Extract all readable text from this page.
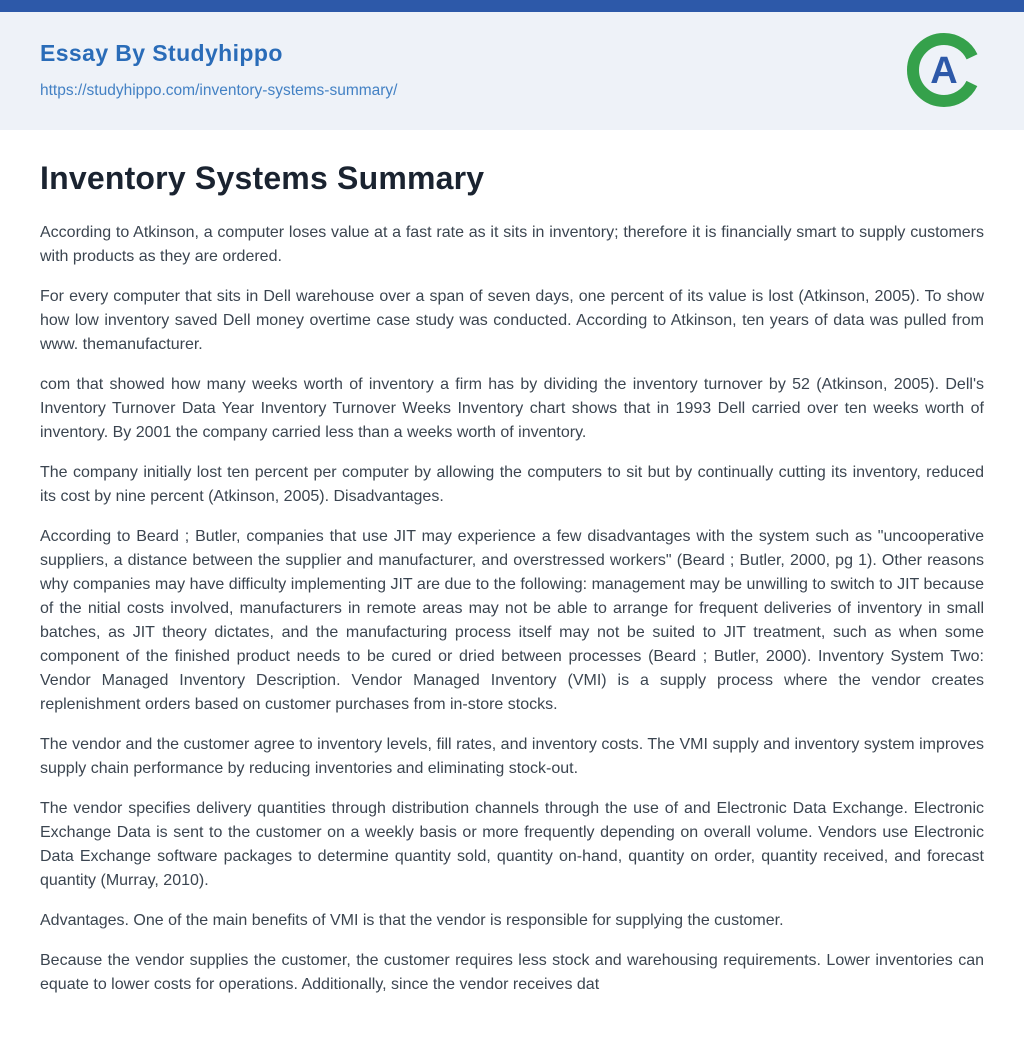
Essay By Studyhippo
https://studyhippo.com/inventory-systems-summary/	A
Inventory Systems Summary

According to Atkinson, a computer loses value at a fast rate as it sits in inventory; therefore it is financially smart to supply customers with products as they are ordered.

For every computer that sits in Dell warehouse over a span of seven days, one percent of its value is lost (Atkinson, 2005). To show how low inventory saved Dell money overtime case study was conducted. According to Atkinson, ten years of data was pulled from www. themanufacturer.

com that showed how many weeks worth of inventory a firm has by dividing the inventory turnover by 52 (Atkinson, 2005). Dell's Inventory Turnover Data Year Inventory Turnover Weeks Inventory chart shows that in 1993 Dell carried over ten weeks worth of inventory. By 2001 the company carried less than a weeks worth of inventory.

The company initially lost ten percent per computer by allowing the computers to sit but by continually cutting its inventory, reduced its cost by nine percent (Atkinson, 2005). Disadvantages.

According to Beard ; Butler, companies that use JIT may experience a few disadvantages with the system such as "uncooperative suppliers, a distance between the supplier and manufacturer, and overstressed workers" (Beard ; Butler, 2000, pg 1). Other reasons why companies may have difficulty implementing JIT are due to the following: management may be unwilling to switch to JIT because of the nitial costs involved, manufacturers in remote areas may not be able to arrange for frequent deliveries of inventory in small batches, as JIT theory dictates, and the manufacturing process itself may not be suited to JIT treatment, such as when some component of the finished product needs to be cured or dried between processes (Beard ; Butler, 2000). Inventory System Two: Vendor Managed Inventory Description. Vendor Managed Inventory (VMI) is a supply process where the vendor creates replenishment orders based on customer purchases from in-store stocks.

The vendor and the customer agree to inventory levels, fill rates, and inventory costs. The VMI supply and inventory system improves supply chain performance by reducing inventories and eliminating stock-out.

The vendor specifies delivery quantities through distribution channels through the use of and Electronic Data Exchange. Electronic Exchange Data is sent to the customer on a weekly basis or more frequently depending on overall volume. Vendors use Electronic Data Exchange software packages to determine quantity sold, quantity on-hand, quantity on order, quantity received, and forecast quantity (Murray, 2010).

Advantages. One of the main benefits of VMI is that the vendor is responsible for supplying the customer.

Because the vendor supplies the customer, the customer requires less stock and warehousing requirements. Lower inventories can equate to lower costs for operations. Additionally, since the vendor receives dat
